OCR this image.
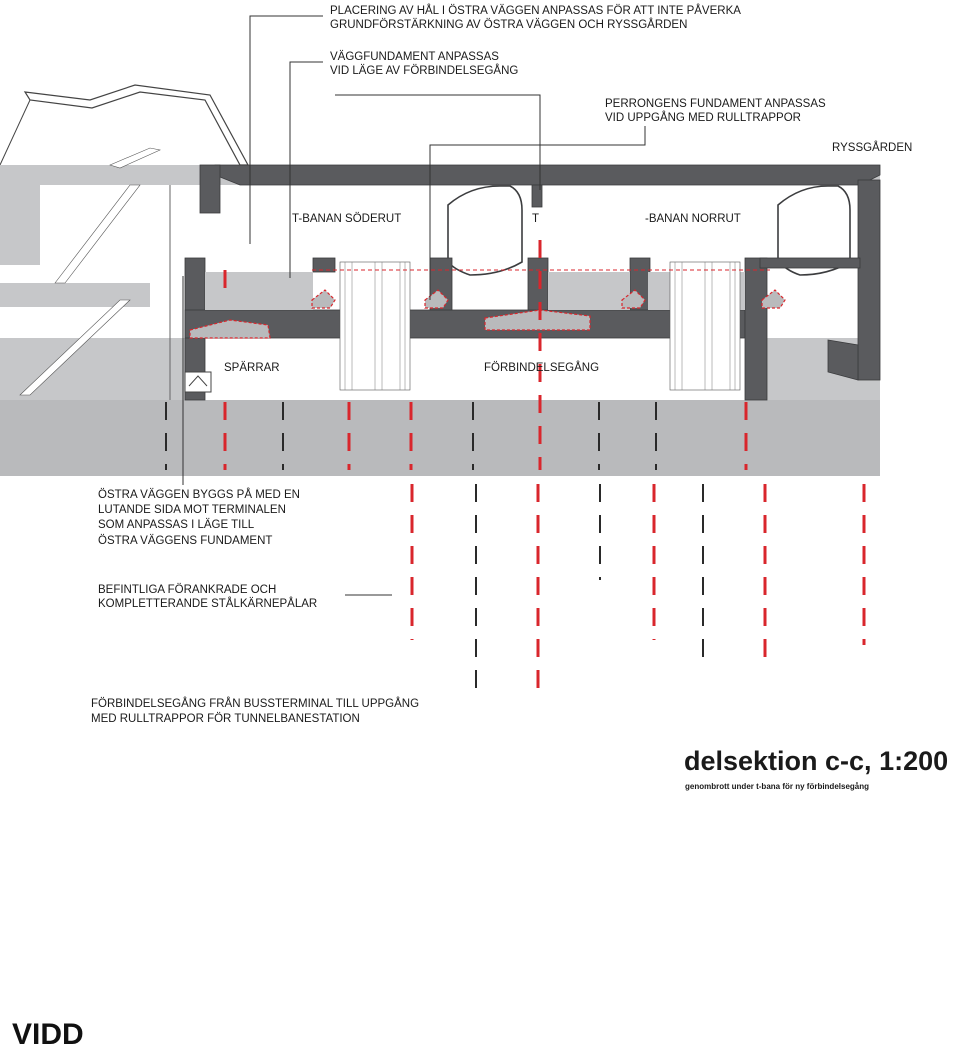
PLACERING AV HÅL I ÖSTRA VÄGGEN ANPASSAS FÖR ATT INTE PÅVERKA
GRUNDFÖRSTÄRKNING AV ÖSTRA VÄGGEN OCH RYSSGÅRDEN
VÄGGFUNDAMENT ANPASSAS
VID LÄGE AV FÖRBINDELSEGÅNG
PERRONGENS FUNDAMENT ANPASSAS
VID UPPGÅNG MED RULLTRAPPOR
RYSSGÅRDEN
T-BANAN SÖDERUT	T	-BANAN NORRUT
SPÄRRAR	FÖRBINDELSEGÅNG
ÖSTRA VÄGGEN BYGGS PÅ MED EN
LUTANDE SIDA MOT TERMINALEN
SOM ANPASSAS I LÄGE TILL
ÖSTRA VÄGGENS FUNDAMENT
BEFINTLIGA FÖRANKRADE OCH
KOMPLETTERANDE STÅLKÄRNEPÅLAR
FÖRBINDELSEGÅNG FRÅN BUSSTERMINAL TILL UPPGÅNG
MED RULLTRAPPOR FÖR TUNNELBANESTATION
delsektion c-c, 1:200
genombrott under t-bana för ny förbindelsegång
VIDD
